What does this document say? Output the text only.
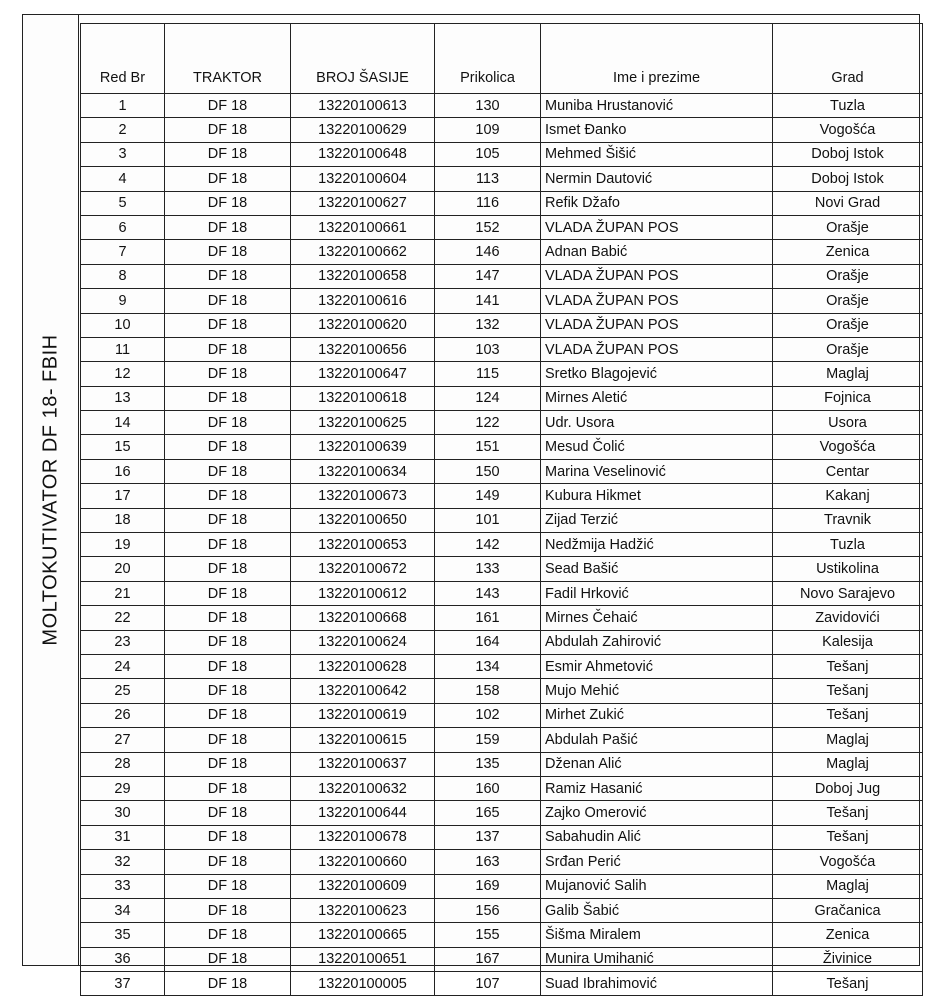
MOLTOKUTIVATOR DF 18- FBIH
Red Br	TRAKTOR	BROJ ŠASIJE	Prikolica	Ime i prezime	Grad
1	DF 18	13220100613	130	Muniba Hrustanović	Tuzla
2	DF 18	13220100629	109	Ismet Đanko	Vogošća
3	DF 18	13220100648	105	Mehmed Šišić	Doboj Istok
4	DF 18	13220100604	113	Nermin Dautović	Doboj Istok
5	DF 18	13220100627	116	Refik Džafo	Novi Grad
6	DF 18	13220100661	152	VLADA ŽUPAN POS	Orašje
7	DF 18	13220100662	146	Adnan Babić	Zenica
8	DF 18	13220100658	147	VLADA ŽUPAN POS	Orašje
9	DF 18	13220100616	141	VLADA ŽUPAN POS	Orašje
10	DF 18	13220100620	132	VLADA ŽUPAN POS	Orašje
11	DF 18	13220100656	103	VLADA ŽUPAN POS	Orašje
12	DF 18	13220100647	115	Sretko Blagojević	Maglaj
13	DF 18	13220100618	124	Mirnes Aletić	Fojnica
14	DF 18	13220100625	122	Udr. Usora	Usora
15	DF 18	13220100639	151	Mesud Čolić	Vogošća
16	DF 18	13220100634	150	Marina Veselinović	Centar
17	DF 18	13220100673	149	Kubura Hikmet	Kakanj
18	DF 18	13220100650	101	Zijad Terzić	Travnik
19	DF 18	13220100653	142	Nedžmija Hadžić	Tuzla
20	DF 18	13220100672	133	Sead Bašić	Ustikolina
21	DF 18	13220100612	143	Fadil Hrković	Novo Sarajevo
22	DF 18	13220100668	161	Mirnes Čehaić	Zavidovići
23	DF 18	13220100624	164	Abdulah Zahirović	Kalesija
24	DF 18	13220100628	134	Esmir Ahmetović	Tešanj
25	DF 18	13220100642	158	Mujo Mehić	Tešanj
26	DF 18	13220100619	102	Mirhet Zukić	Tešanj
27	DF 18	13220100615	159	Abdulah Pašić	Maglaj
28	DF 18	13220100637	135	Dženan Alić	Maglaj
29	DF 18	13220100632	160	Ramiz Hasanić	Doboj Jug
30	DF 18	13220100644	165	Zajko Omerović	Tešanj
31	DF 18	13220100678	137	Sabahudin Alić	Tešanj
32	DF 18	13220100660	163	Srđan Perić	Vogošća
33	DF 18	13220100609	169	Mujanović Salih	Maglaj
34	DF 18	13220100623	156	Galib Šabić	Gračanica
35	DF 18	13220100665	155	Šišma Miralem	Zenica
36	DF 18	13220100651	167	Munira Umihanić	Živinice
37	DF 18	13220100005	107	Suad Ibrahimović	Tešanj
